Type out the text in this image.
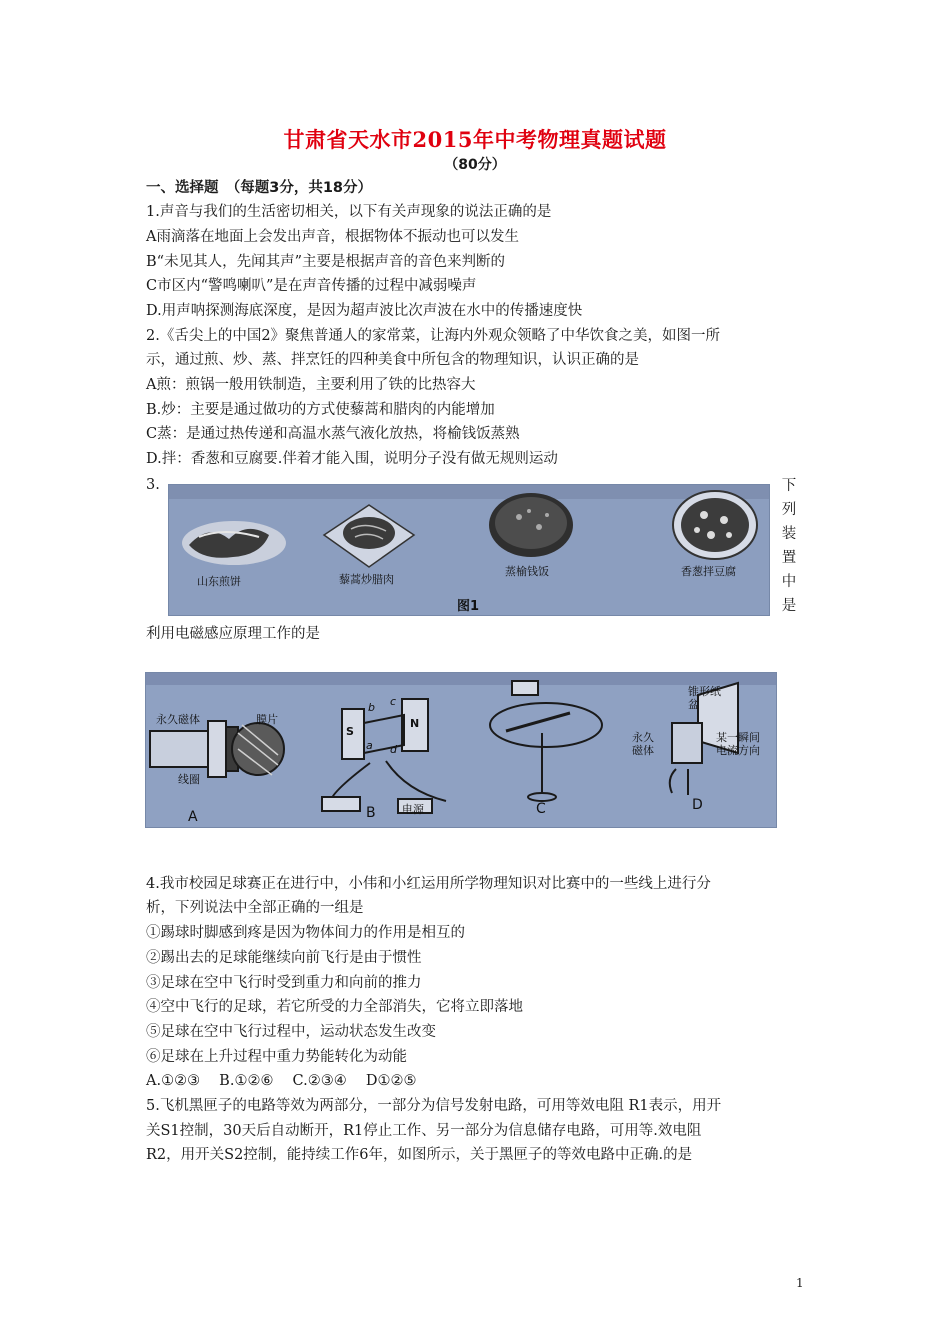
甘肃省天水市2015年中考物理真题试题
（80分）
一、选择题　（每题3分，共18分）
1.声音与我们的生活密切相关，以下有关声现象的说法正确的是
A雨滴落在地面上会发出声音，根据物体不振动也可以发生
B“未见其人，先闻其声”主要是根据声音的音色来判断的
C市区内“警鸣喇叭”是在声音传播的过程中减弱噪声
D.用声呐探测海底深度，是因为超声波比次声波在水中的传播速度快
2.《舌尖上的中国2》聚焦普通人的家常菜，让海内外观众领略了中华饮食之美，如图一所
示，通过煎、炒、蒸、拌烹饪的四种美食中所包含的物理知识，认识正确的是
A煎：煎锅一般用铁制造，主要利用了铁的比热容大
B.炒：主要是通过做功的方式使藜蒿和腊肉的内能增加
C蒸：是通过热传递和高温水蒸气液化放热，将榆钱饭蒸熟
D.拌：香葱和豆腐要.伴着才能入围，说明分子没有做无规则运动
3.
山东煎饼	藜蒿炒腊肉
蒸榆钱饭	香葱拌豆腐
图1
下
列
装
置
中
是
利用电磁感应原理工作的是
永久磁体	膜片
线圈
S
N
b c
a d
电源
锥形纸盆
永久磁体
某一瞬间电流方向
A	B	C	D
4.我市校园足球赛正在进行中，小伟和小红运用所学物理知识对比赛中的一些线上进行分
析，下列说法中全部正确的一组是
①踢球时脚感到疼是因为物体间力的作用是相互的
②踢出去的足球能继续向前飞行是由于惯性
③足球在空中飞行时受到重力和向前的推力
④空中飞行的足球，若它所受的力全部消失，它将立即落地
⑤足球在空中飞行过程中，运动状态发生改变
⑥足球在上升过程中重力势能转化为动能
A.①②③　 B.①②⑥　 C.②③④　 D①②⑤
5.飞机黑匣子的电路等效为两部分，一部分为信号发射电路，可用等效电阻 R1表示，用开
关S1控制，30天后自动断开，R1停止工作、另一部分为信息储存电路，可用等.效电阻
R2，用开关S2控制，能持续工作6年，如图所示，关于黑匣子的等效电路中正确.的是
1
